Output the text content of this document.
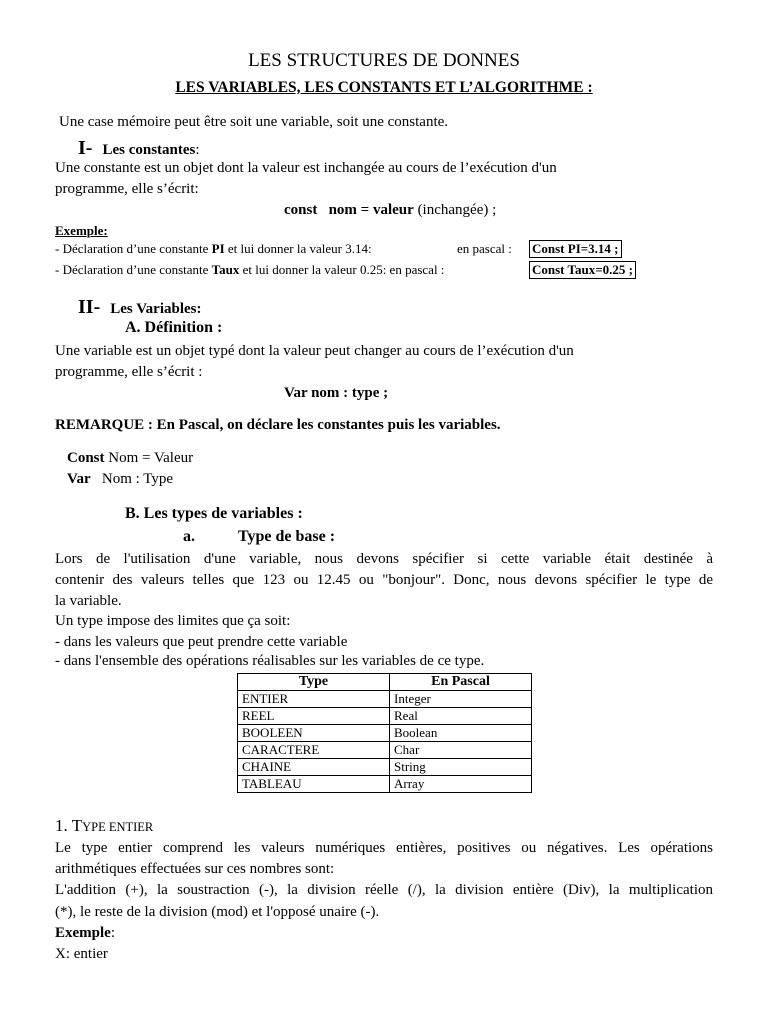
LES STRUCTURES DE DONNES
LES VARIABLES, LES CONSTANTS ET L’ALGORITHME :
Une case mémoire peut être soit une variable, soit une constante.
I- Les constantes:
Une constante est un objet dont la valeur est inchangée au cours de l’exécution d'un
programme, elle s’écrit:
const nom = valeur (inchangée) ;
Exemple:
- Déclaration d’une constante PI et lui donner la valeur 3.14:	en pascal : Const PI=3.14 ;
- Déclaration d’une constante Taux et lui donner la valeur 0.25: en pascal :	Const Taux=0.25 ;
II- Les Variables:
A. Définition :
Une variable est un objet typé dont la valeur peut changer au cours de l’exécution d'un
programme, elle s’écrit :
Var nom : type ;
REMARQUE : En Pascal, on déclare les constantes puis les variables.
Const Nom = Valeur
Var Nom : Type
B. Les types de variables :
a.	Type de base :
Lors de l'utilisation d'une variable, nous devons spécifier si cette variable était destinée à
contenir des valeurs telles que 123 ou 12.45 ou "bonjour". Donc, nous devons spécifier le type de
la variable.
Un type impose des limites que ça soit:
- dans les valeurs que peut prendre cette variable
- dans l'ensemble des opérations réalisables sur les variables de ce type.
Type	En Pascal
ENTIER	Integer
REEL	Real
BOOLEEN	Boolean
CARACTERE	Char
CHAINE	String
TABLEAU	Array
1. TYPE ENTIER
Le type entier comprend les valeurs numériques entières, positives ou négatives. Les opérations
arithmétiques effectuées sur ces nombres sont:
L'addition (+), la soustraction (-), la division réelle (/), la division entière (Div), la multiplication
(*), le reste de la division (mod) et l'opposé unaire (-).
Exemple:
X: entier
